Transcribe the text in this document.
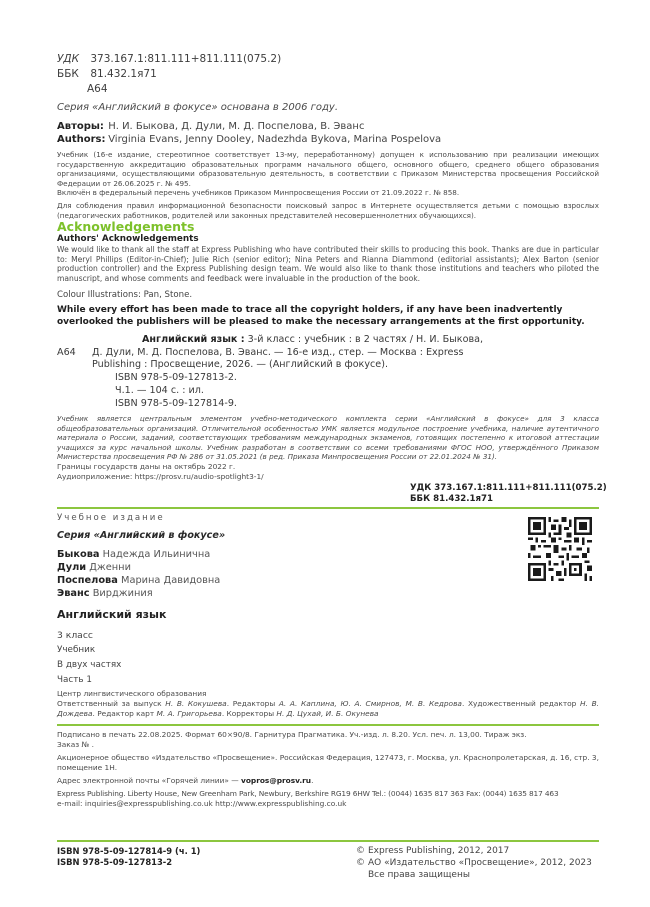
УДК 373.167.1:811.111+811.111(075.2)
ББК 81.432.1я71
А64
Серия «Английский в фокусе» основана в 2006 году.
Авторы: Н. И. Быкова, Д. Дули, М. Д. Поспелова, В. Эванс
Authors: Virginia Evans, Jenny Dooley, Nadezhda Bykova, Marina Pospelova
Учебник (16-е издание, стереотипное соответствует 13-му, переработанному) допущен к использованию при реализации имеющих государственную аккредитацию образовательных программ начального общего, основного общего, среднего общего образования организациями, осуществляющими образовательную деятельность, в соответствии с Приказом Министерства просвещения Российской Федерации от 26.06.2025 г. № 495.
Включён в федеральный перечень учебников Приказом Минпросвещения России от 21.09.2022 г. № 858.
Для соблюдения правил информационной безопасности поисковый запрос в Интернете осуществляется детьми с помощью взрослых (педагогических работников, родителей или законных представителей несовершеннолетних обучающихся).
Acknowledgements
Authors' Acknowledgements
We would like to thank all the staff at Express Publishing who have contributed their skills to producing this book. Thanks are due in particular to: Meryl Phillips (Editor-in-Chief); Julie Rich (senior editor); Nina Peters and Rianna Diammond (editorial assistants); Alex Barton (senior production controller) and the Express Publishing design team. We would also like to thank those institutions and teachers who piloted the manuscript, and whose comments and feedback were invaluable in the production of the book.
Colour Illustrations: Pan, Stone.
While every effort has been made to trace all the copyright holders, if any have been inadvertently overlooked the publishers will be pleased to make the necessary arrangements at the first opportunity.
Английский язык : 3-й класс : учебник : в 2 частях / Н. И. Быкова,
А64 Д. Дули, М. Д. Поспелова, В. Эванс. — 16-е изд., стер. — Москва : Express
Publishing : Просвещение, 2026. — (Английский в фокусе).
ISBN 978-5-09-127813-2.
Ч.1. — 104 с. : ил.
ISBN 978-5-09-127814-9.
Учебник является центральным элементом учебно-методического комплекта серии «Английский в фокусе» для 3 класса общеобразовательных организаций. Отличительной особенностью УМК является модульное построение учебника, наличие аутентичного материала о России, заданий, соответствующих требованиям международных экзаменов, готовящих постепенно к итоговой аттестации учащихся за курс начальной школы. Учебник разработан в соответствии со всеми требованиями ФГОС НОО, утверждённого Приказом Министерства просвещения РФ № 286 от 31.05.2021 (в ред. Приказа Минпросвещения России от 22.01.2024 № 31).
Границы государств даны на октябрь 2022 г.
Аудиоприложение: https://prosv.ru/audio-spotlight3-1/
УДК 373.167.1:811.111+811.111(075.2)
ББК 81.432.1я71
Учебное издание
Серия «Английский в фокусе»
Быкова Надежда Ильинична
Дули Дженни
Поспелова Марина Давидовна
Эванс Вирджиния
Английский язык
3 класс
Учебник
В двух частях
Часть 1
Центр лингвистического образования
Ответственный за выпуск Н. В. Кокушева. Редакторы А. А. Каплина, Ю. А. Смирнов, М. В. Кедрова. Художественный редактор Н. В. Дождева. Редактор карт М. А. Григорьева. Корректоры Н. Д. Цухай, И. Б. Окунева
Подписано в печать 22.08.2025. Формат 60×90/8. Гарнитура Прагматика. Уч.-изд. л. 8.20. Усл. печ. л. 13,00. Тираж экз.
Заказ № .
Акционерное общество «Издательство «Просвещение». Российская Федерация, 127473, г. Москва, ул. Краснопролетарская, д. 16, стр. 3, помещение 1Н.
Адрес электронной почты «Горячей линии» — vopros@prosv.ru.
Express Publishing. Liberty House, New Greenham Park, Newbury, Berkshire RG19 6HW Tel.: (0044) 1635 817 363 Fax: (0044) 1635 817 463
e-mail: inquiries@expresspublishing.co.uk http://www.expresspublishing.co.uk
ISBN 978-5-09-127814-9 (ч. 1)
ISBN 978-5-09-127813-2
© Express Publishing, 2012, 2017
© АО «Издательство «Просвещение», 2012, 2023
Все права защищены
